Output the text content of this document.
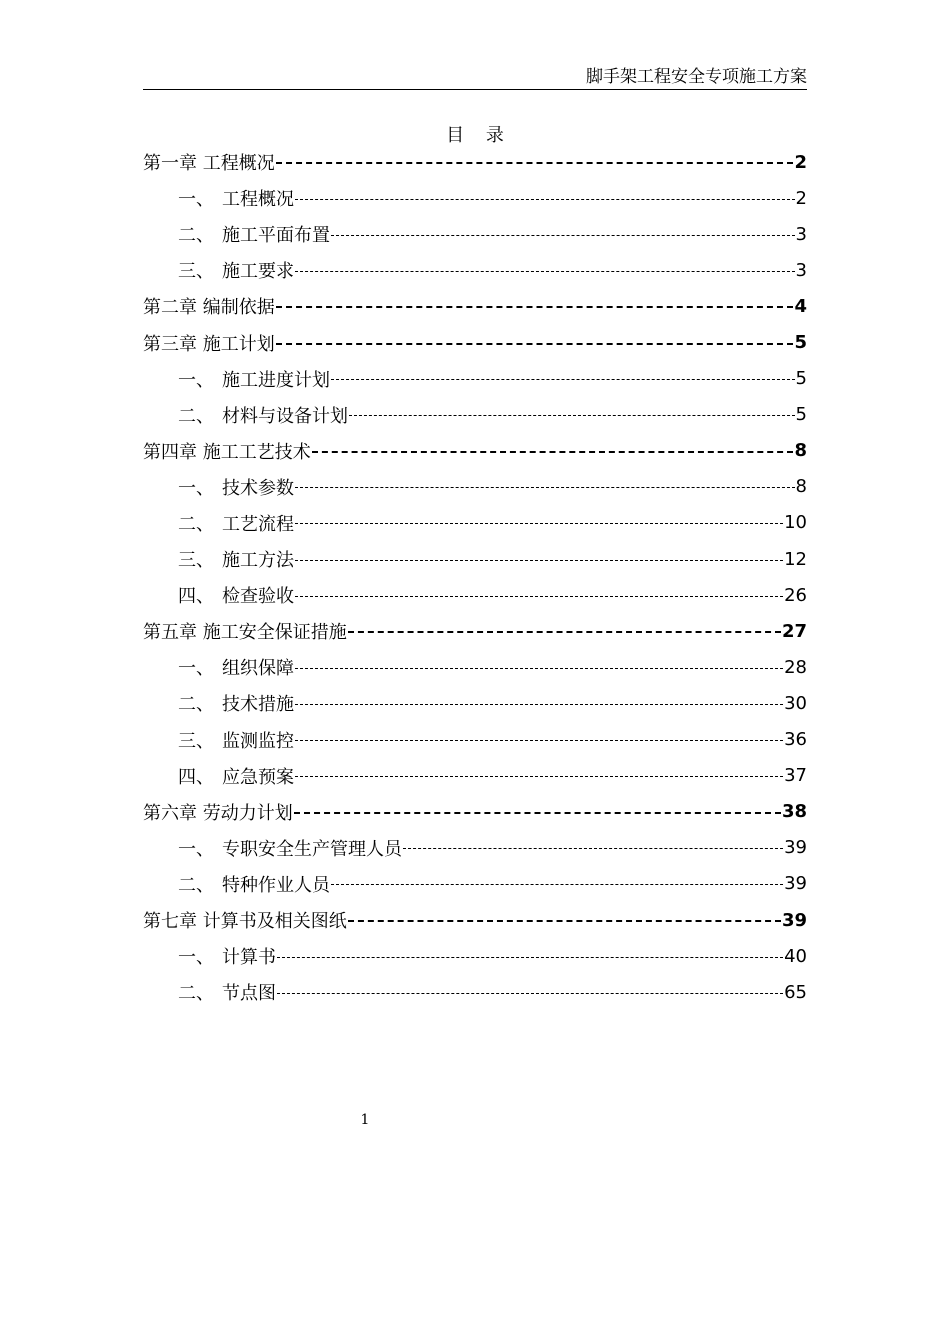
脚手架工程安全专项施工方案
目 录
第一章 工程概况	2
一、 工程概况	2
二、 施工平面布置	3
三、 施工要求	3
第二章 编制依据	4
第三章 施工计划	5
一、 施工进度计划	5
二、 材料与设备计划	5
第四章 施工工艺技术	8
一、 技术参数	8
二、 工艺流程	10
三、 施工方法	12
四、 检查验收	26
第五章 施工安全保证措施	27
一、 组织保障	28
二、 技术措施	30
三、 监测监控	36
四、 应急预案	37
第六章 劳动力计划	38
一、 专职安全生产管理人员	39
二、 特种作业人员	39
第七章 计算书及相关图纸	39
一、 计算书	40
二、 节点图	65
1
